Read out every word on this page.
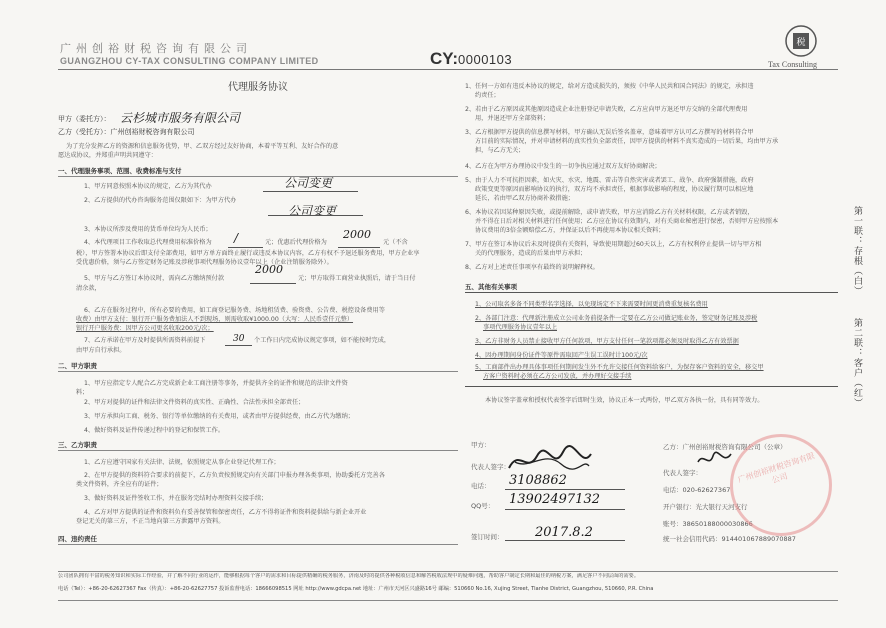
广州创裕财税咨询有限公司
GUANGZHOU CY-TAX CONSULTING COMPANY LIMITED	CY:0000103
税
Tax Consulting
代理服务协议
甲方（委托方）： 云杉城市服务有限公司
乙方（受托方）：广州创裕财税咨询有限公司
为了充分发挥乙方的资源和信息服务优势，甲、乙双方经过友好协商，本着平等互利、友好合作的意
愿达成协议，并郑重声明共同遵守：
一、代理服务事项、范围、收费标准与支付
1、甲方同意按照本协议的规定，乙方为其代办	公司变更
2、乙方提供的代办咨询服务范围仅限如下：为甲方代办
公司变更
3、本协议所涉及费用的货币单位均为人民币；
4、本代理项目工作收取总代理费用标准价格为 /	元；优惠后代理价格为
2000
元（不含
税），甲方签署本协议后即支付全部费用，如甲方单方面终止履行或违反本协议内容，乙方有权不予退还服务费用，甲方企业享
受优惠价格，须与乙方签定财务记账及涉税事项代理服务协议壹年以上（企业注销服务除外）。
5、甲方与乙方签订本协议时，需向乙方缴纳预付款
2000
元；甲方取得工商营业执照后，请于当日付
清余款，
6、乙方在服务过程中，所有必要的费用，如工商登记服务费、场地租赁费、验资费、公告费、税控设备费用等
收费）由甲方支付：银行开户服务费加法人不到现场，则需收取¥1000.00（大写：人民币壹仟元整）
银行开户服务费：因甲方公司更名收取200元/次；
7、乙方承诺在甲方及时提供所需资料前提下	30 个工作日内完成协议规定事项，如不能按时完成，
由甲方自行承担。
二、甲方职责
1、甲方应指定专人配合乙方完成新企业工商注册等事务，并提供齐全的证件和规范的法律文件资
料；
2、甲方对提供的证件和法律文件资料的真实性、正确性、合法性承担全部责任；
3、甲方承担向工商、税务、银行等单位缴纳的有关费用，或者由甲方提供经费，由乙方代为缴纳；
4、做好资料及证件传递过程中的登记和保管工作。
三、乙方职责
1、乙方应遵守国家有关法律、法规，依照规定从事企业登记代理工作；
2、在甲方提供的资料符合要求的前提下，乙方负责按照规定向有关部门申报办理各类事项，协助委托方完善各
类文件资料，齐全应有的证件；
3、做好资料及证件签收工作，并在服务完结时办理资料交接手续；
4、乙方对甲方提供的证件和资料负有妥善保管和保密责任，乙方不得将证件和资料提供给与新企业开业
登记无关的第三方，不正当地向第三方泄露甲方资料。
四、违约责任
1、任何一方如有违反本协议的规定，给对方造成损失的，须按《中华人民共和国合同法》的规定，承担违
约责任；
2、若由于乙方原因或其他原因造成企业注册登记申请失败，乙方应向甲方退还甲方交纳的全部代理费用
用，并退还甲方全部资料；
3、乙方根据甲方提供的信息撰写材料，甲方确认无误后签名盖章，意味着甲方认可乙方撰写的材料符合甲
方目前的实际情况，并对申请材料的真实性负全部责任，因甲方提供的材料不真实造成的一切后果，均由甲方承
担，与乙方无关；
4、乙方在为甲方办理协议中发生的一切争执应通过双方友好协商解决；
5、由于人力不可抗拒因素，如火灾、水灾、地震、雷击等自然灾害或者罢工、战争、政府强制措施，政府
政策变更等原因而影响协议的执行，双方均不承担责任，根据事故影响的程度，协议履行期可以相应地
延长，若由甲乙双方协商补救措施；
6、本协议若因某种原因失败，或提前解除，或申请失败，甲方应消除乙方有关材料权限，乙方或者销毁，
并不得在日后对相关材料进行任何使用；乙方应在协议有效期内，对有关商业秘密进行保密，否则甲方应按照本
协议费用的3倍金额赔偿乙方，并保证以后不再使用本协议相关资料；
7、甲方在签订本协议后未及时提供有关资料，导致使用期超过60天以上，乙方有权利停止提供一切与甲方相
关的代理服务，造成的后果由甲方承担；
8、乙方对上述责任事项享有最终的说明解释权。
五、其他有关事项
1、公司取名多备不同类型名字选择，以免现场定不下来需要时间更消费重复核名费用
2、各部门注意：代理新注册成立公司业务前提条件一定要在乙方公司做记账业务，签定财务记账及涉税
事项代理服务协议壹年以上
3、乙方非财务人员禁止接收甲方任何款项，甲方支付任何一笔款项都必须及时取得乙方有效票据
4、因办理期间身份证件等原件需取回产生误工误时计100元/次
5、工商部件出办理具体事项任何期间发生外不允许交接任何资料给客户，为保存客户资料的安全，移交甲
方客户资料时必须在乙方公司发放，并办理好交接手续
本协议签字盖章和授权代表签字后即时生效，协议正本一式两份，甲乙双方各执一份，具有同等效力。
甲方：
代表人签字：
电话： 3108862
QQ号： 13902497132
签订时间： 2017.8.2
乙方：广州创裕财税咨询有限公司（公章）
代表人签字：
电话：020-62627367
开户银行：光大银行天河支行
账号：38650188000030866
统一社会信用代码：914401067889070887
广州创裕财税咨询有限公司
第一联：存根（白）
第二联：客户（红）
公司团队拥有丰富的税务知识和实际工作经验，并了解不同行业的运作，能够根据每个客户的需求和目标提供精确的税务服务，济南及时的提供各种税收信息和解答税收法规中的疑难问题，帮助客户制定长期和最佳的纳税方案，满足客户不同层面的需要。
电话（Tel）：+86-20-62627367 Fax（传真）：+86-20-62627757 投诉监督电话：18666098515 网址 http://www.gdcpa.net 地址：广州市天河区兴盛路16号 邮编：510660 No.16, Xujing Street, Tianhe District, Guangzhou, 510660, P.R. China
